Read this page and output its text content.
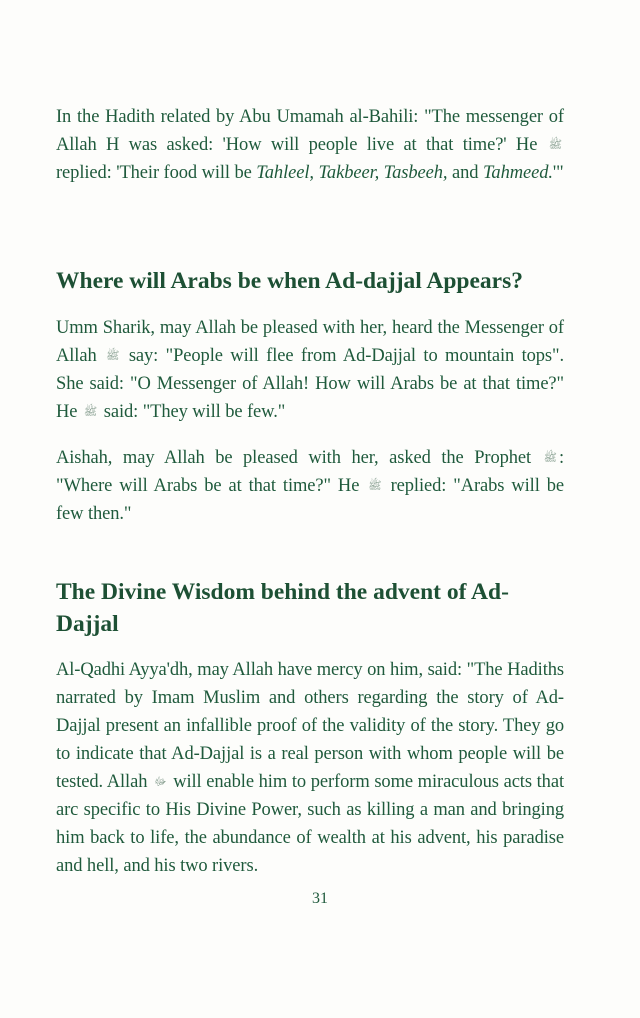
In the Hadith related by Abu Umamah al-Bahili: "The messenger of Allah H was asked: 'How will people live at that time?' He ﷺ replied: 'Their food will be Tahleel, Takbeer, Tasbeeh, and Tahmeed.'"

Where will Arabs be when Ad-dajjal Appears?

Umm Sharik, may Allah be pleased with her, heard the Messenger of Allah ﷺ say: "People will flee from Ad-Dajjal to mountain tops". She said: "O Messenger of Allah! How will Arabs be at that time?" He ﷺ said: "They will be few."

Aishah, may Allah be pleased with her, asked the Prophet ﷺ : "Where will Arabs be at that time?" He ﷺ replied: "Arabs will be few then."

The Divine Wisdom behind the advent of Ad-Dajjal

Al-Qadhi Ayya'dh, may Allah have mercy on him, said: "The Hadiths narrated by Imam Muslim and others regarding the story of Ad-Dajjal present an infallible proof of the validity of the story. They go to indicate that Ad-Dajjal is a real person with whom people will be tested. Allah ﷻ will enable him to perform some miraculous acts that arc specific to His Divine Power, such as killing a man and bringing him back to life, the abundance of wealth at his advent, his paradise and hell, and his two rivers.

31
